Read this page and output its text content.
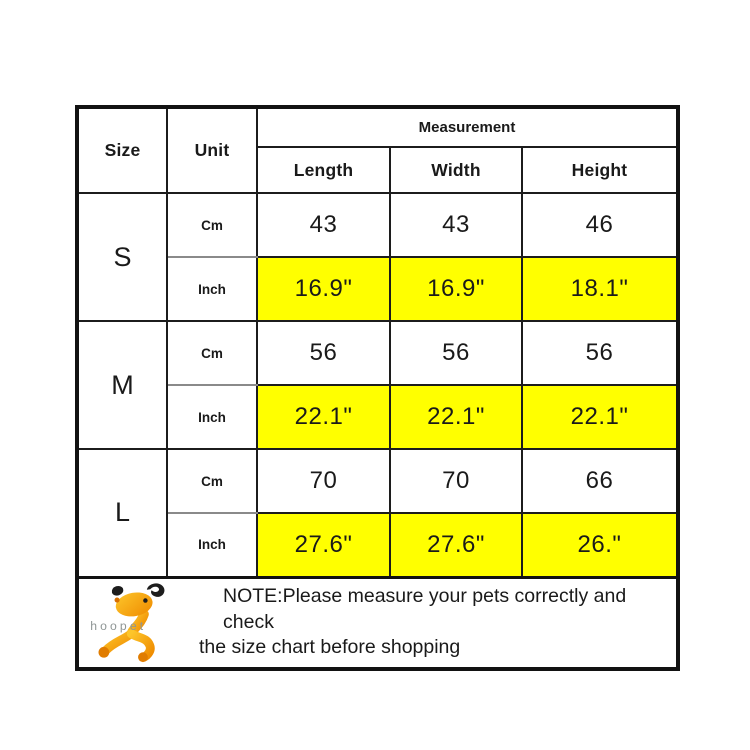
Size	Unit	Measurement		
		Length	Width	Height
S	Cm	43	43	46
	Inch	16.9"	16.9"	18.1"
M	Cm	56	56	56
	Inch	22.1"	22.1"	22.1"
L	Cm	70	70	66
	Inch	27.6"	27.6"	26."

hoopet
NOTE:Please measure your pets correctly and check
the size chart before shopping				
